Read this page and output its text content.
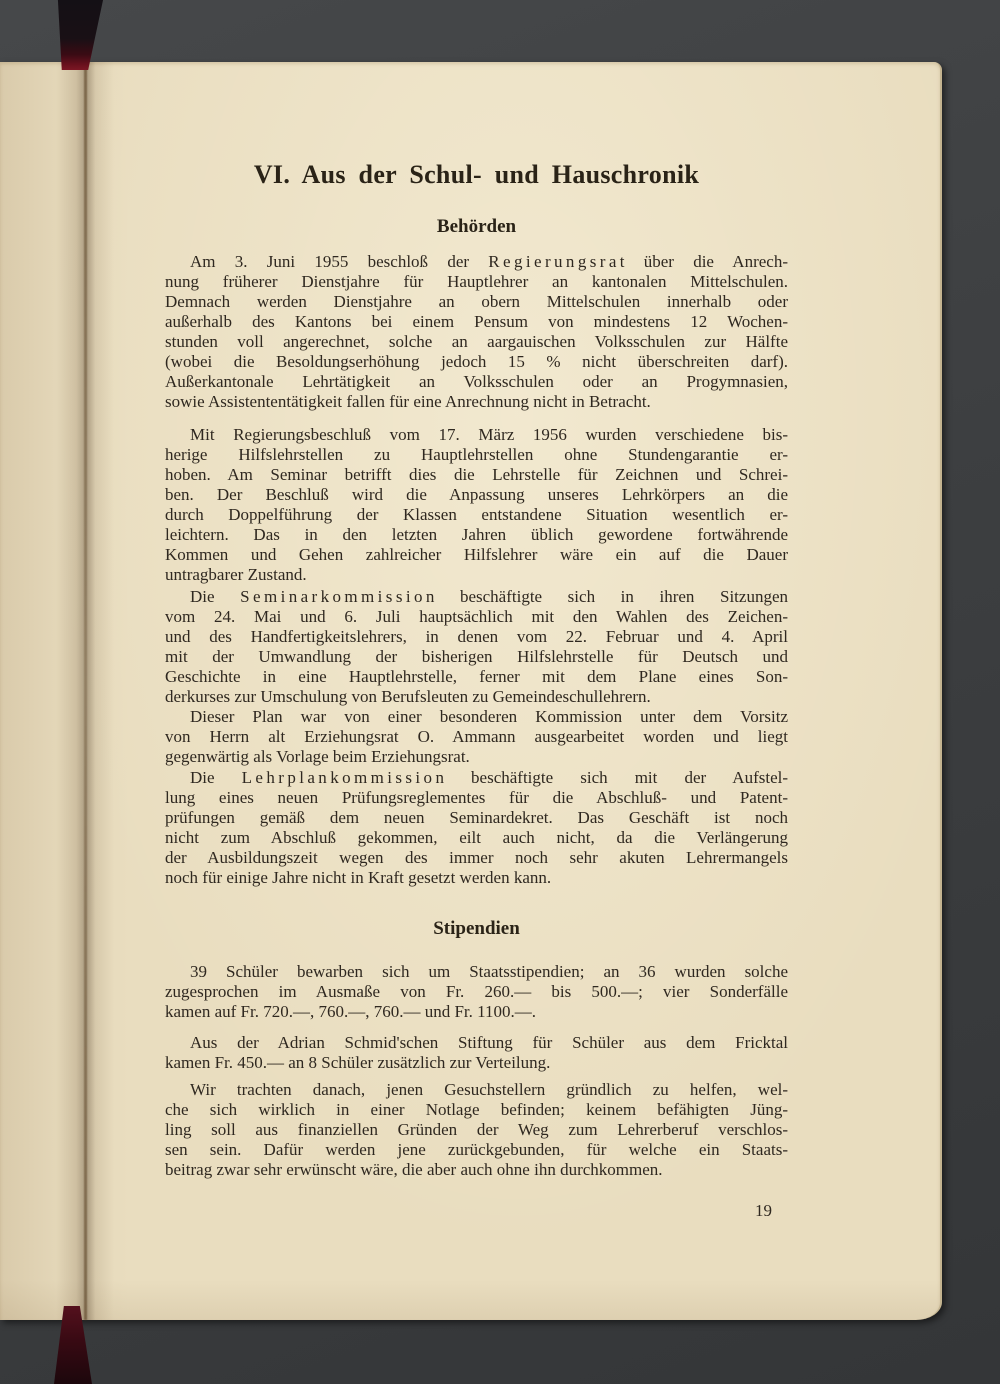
VI. Aus der Schul- und Hauschronik
Behörden
Am 3. Juni 1955 beschloß der R e g i e r u n g s r a t über die Anrech-
nung früherer Dienstjahre für Hauptlehrer an kantonalen Mittelschulen.
Demnach werden Dienstjahre an obern Mittelschulen innerhalb oder
außerhalb des Kantons bei einem Pensum von mindestens 12 Wochen-
stunden voll angerechnet, solche an aargauischen Volksschulen zur Hälfte
(wobei die Besoldungserhöhung jedoch 15 % nicht überschreiten darf).
Außerkantonale Lehrtätigkeit an Volksschulen oder an Progymnasien,
sowie Assistententätigkeit fallen für eine Anrechnung nicht in Betracht.
Mit Regierungsbeschluß vom 17. März 1956 wurden verschiedene bis-
herige Hilfslehrstellen zu Hauptlehrstellen ohne Stundengarantie er-
hoben. Am Seminar betrifft dies die Lehrstelle für Zeichnen und Schrei-
ben. Der Beschluß wird die Anpassung unseres Lehrkörpers an die
durch Doppelführung der Klassen entstandene Situation wesentlich er-
leichtern. Das in den letzten Jahren üblich gewordene fortwährende
Kommen und Gehen zahlreicher Hilfslehrer wäre ein auf die Dauer
untragbarer Zustand.
Die S e m i n a r k o m m i s s i o n beschäftigte sich in ihren Sitzungen
vom 24. Mai und 6. Juli hauptsächlich mit den Wahlen des Zeichen-
und des Handfertigkeitslehrers, in denen vom 22. Februar und 4. April
mit der Umwandlung der bisherigen Hilfslehrstelle für Deutsch und
Geschichte in eine Hauptlehrstelle, ferner mit dem Plane eines Son-
derkurses zur Umschulung von Berufsleuten zu Gemeindeschullehrern.
Dieser Plan war von einer besonderen Kommission unter dem Vorsitz
von Herrn alt Erziehungsrat O. Ammann ausgearbeitet worden und liegt
gegenwärtig als Vorlage beim Erziehungsrat.
Die L e h r p l a n k o m m i s s i o n beschäftigte sich mit der Aufstel-
lung eines neuen Prüfungsreglementes für die Abschluß- und Patent-
prüfungen gemäß dem neuen Seminardekret. Das Geschäft ist noch
nicht zum Abschluß gekommen, eilt auch nicht, da die Verlängerung
der Ausbildungszeit wegen des immer noch sehr akuten Lehrermangels
noch für einige Jahre nicht in Kraft gesetzt werden kann.
Stipendien
39 Schüler bewarben sich um Staatsstipendien; an 36 wurden solche
zugesprochen im Ausmaße von Fr. 260.— bis 500.—; vier Sonderfälle
kamen auf Fr. 720.—, 760.—, 760.— und Fr. 1100.—.
Aus der Adrian Schmid'schen Stiftung für Schüler aus dem Fricktal
kamen Fr. 450.— an 8 Schüler zusätzlich zur Verteilung.
Wir trachten danach, jenen Gesuchstellern gründlich zu helfen, wel-
che sich wirklich in einer Notlage befinden; keinem befähigten Jüng-
ling soll aus finanziellen Gründen der Weg zum Lehrerberuf verschlos-
sen sein. Dafür werden jene zurückgebunden, für welche ein Staats-
beitrag zwar sehr erwünscht wäre, die aber auch ohne ihn durchkommen.
19
